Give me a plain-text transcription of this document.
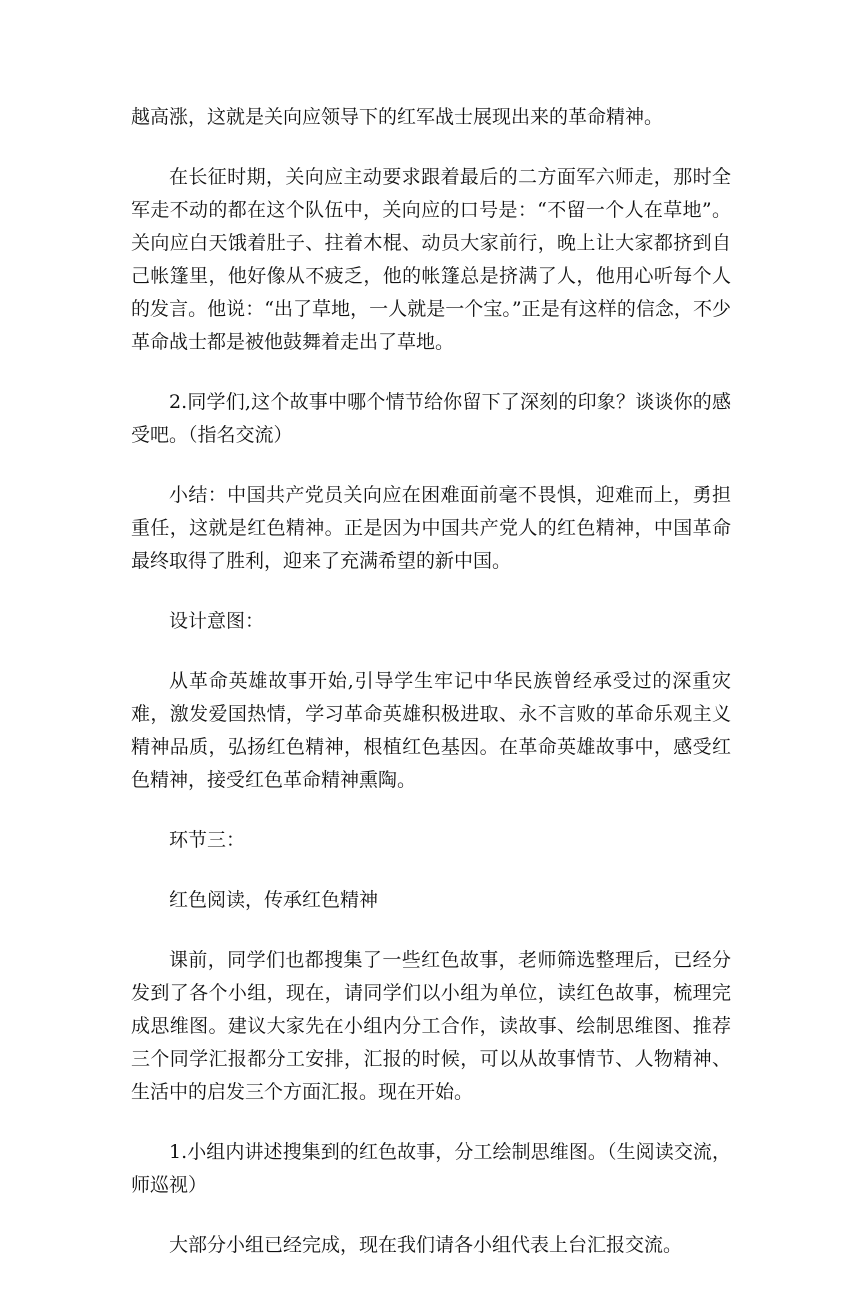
越高涨，这就是关向应领导下的红军战士展现出来的革命精神。

在长征时期，关向应主动要求跟着最后的二方面军六师走，那时全军走不动的都在这个队伍中，关向应的口号是：“不留一个人在草地”。关向应白天饿着肚子、拄着木棍、动员大家前行，晚上让大家都挤到自己帐篷里，他好像从不疲乏，他的帐篷总是挤满了人，他用心听每个人的发言。他说：“出了草地，一人就是一个宝。”正是有这样的信念，不少革命战士都是被他鼓舞着走出了草地。

2.同学们,这个故事中哪个情节给你留下了深刻的印象？谈谈你的感受吧。（指名交流）

小结：中国共产党员关向应在困难面前毫不畏惧，迎难而上，勇担重任，这就是红色精神。正是因为中国共产党人的红色精神，中国革命最终取得了胜利，迎来了充满希望的新中国。

设计意图：

从革命英雄故事开始,引导学生牢记中华民族曾经承受过的深重灾难，激发爱国热情，学习革命英雄积极进取、永不言败的革命乐观主义精神品质，弘扬红色精神，根植红色基因。在革命英雄故事中，感受红色精神，接受红色革命精神熏陶。

环节三：

红色阅读，传承红色精神

课前，同学们也都搜集了一些红色故事，老师筛选整理后，已经分发到了各个小组，现在，请同学们以小组为单位，读红色故事，梳理完成思维图。建议大家先在小组内分工合作，读故事、绘制思维图、推荐三个同学汇报都分工安排，汇报的时候，可以从故事情节、人物精神、生活中的启发三个方面汇报。现在开始。

1.小组内讲述搜集到的红色故事，分工绘制思维图。（生阅读交流，师巡视）

大部分小组已经完成，现在我们请各小组代表上台汇报交流。
